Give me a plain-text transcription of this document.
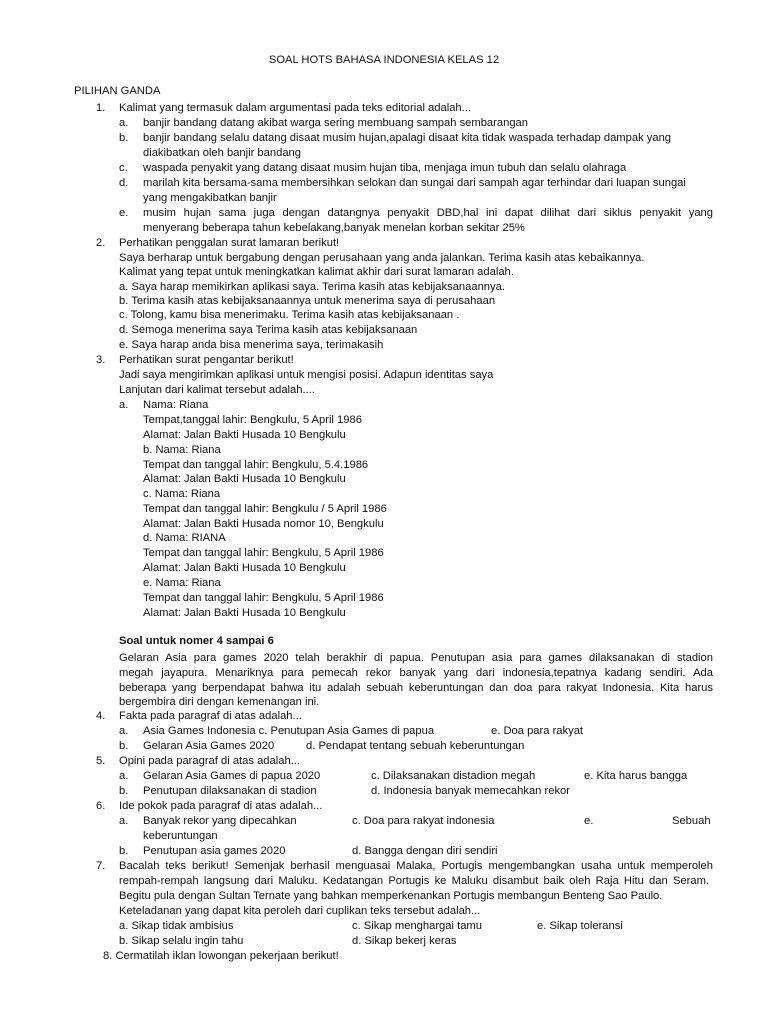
SOAL HOTS BAHASA INDONESIA KELAS 12
PILIHAN GANDA
1. Kalimat yang termasuk dalam argumentasi pada teks editorial adalah...
a. banjir bandang datang akibat warga sering membuang sampah sembarangan
b. banjir bandang selalu datang disaat musim hujan,apalagi disaat kita tidak waspada terhadap dampak yang
diakibatkan oleh banjir bandang
c. waspada penyakit yang datang disaat musim hujan tiba, menjaga imun tubuh dan selalu olahraga
d. marilah kita bersama-sama membersihkan selokan dan sungai dari sampah agar terhindar dari luapan sungai
yang mengakibatkan banjir
e. musim hujan sama juga dengan datangnya penyakit DBD,hal ini dapat dilihat dari siklus penyakit yang
menyerang beberapa tahun kebelakang,banyak menelan korban sekitar 25%
2. Perhatikan penggalan surat lamaran berikut!
Saya berharap untuk bergabung dengan perusahaan yang anda jalankan. Terima kasih atas kebaikannya.
Kalimat yang tepat untuk meningkatkan kalimat akhir dari surat lamaran adalah.
a. Saya harap memikirkan aplikasi saya. Terima kasih atas kebijaksanaannya.
b. Terima kasih atas kebijaksanaannya untuk menerima saya di perusahaan
c. Tolong, kamu bisa menerimaku. Terima kasih atas kebijaksanaan .
d. Semoga menerima saya Terima kasih atas kebijaksanaan
e. Saya harap anda bisa menerima saya, terimakasih
3. Perhatikan surat pengantar berikut!
Jadi saya mengirimkan aplikasi untuk mengisi posisi. Adapun identitas saya
Lanjutan dari kalimat tersebut adalah....
a. Nama: Riana
Tempat,tanggal lahir: Bengkulu, 5 April 1986
Alamat: Jalan Bakti Husada 10 Bengkulu
b. Nama: Riana
Tempat dan tanggal lahir: Bengkulu, 5.4.1986
Alamat: Jalan Bakti Husada 10 Bengkulu
c. Nama: Riana
Tempat dan tanggal lahir: Bengkulu / 5 April 1986
Alamat: Jalan Bakti Husada nomor 10, Bengkulu
d. Nama: RIANA
Tempat dan tanggal lahir: Bengkulu, 5 April 1986
Alamat: Jalan Bakti Husada 10 Bengkulu
e. Nama: Riana
Tempat dan tanggal lahir: Bengkulu, 5 April 1986
Alamat: Jalan Bakti Husada 10 Bengkulu
Soal untuk nomer 4 sampai 6
Gelaran Asia para games 2020 telah berakhir di papua. Penutupan asia para games dilaksanakan di stadion
megah jayapura. Menariknya para pemecah rekor banyak yang dari indonesia,tepatnya kadang sendiri. Ada
beberapa yang berpendapat bahwa itu adalah sebuah keberuntungan dan doa para rakyat Indonesia. Kita harus
bergembira diri dengan kemenangan ini.
4. Fakta pada paragraf di atas adalah...
a. Asia Games Indonesia c. Penutupan Asia Games di papua	e. Doa para rakyat
b. Gelaran Asia Games 2020	d. Pendapat tentang sebuah keberuntungan
5. Opini pada paragraf di atas adalah...
a. Gelaran Asia Games di papua 2020	c. Dilaksanakan distadion megah	e. Kita harus bangga
b. Penutupan dilaksanakan di stadion	d. Indonesia banyak memecahkan rekor
6. Ide pokok pada paragraf di atas adalah...
a. Banyak rekor yang dipecahkan	c. Doa para rakyat indonesia	e.	Sebuah
keberuntungan
b. Penutupan asia games 2020	d. Bangga dengan diri sendiri
7. Bacalah teks berikut! Semenjak berhasil menguasai Malaka, Portugis mengembangkan usaha untuk memperoleh
rempah-rempah langsung dari Maluku. Kedatangan Portugis ke Maluku disambut baik oleh Raja Hitu dan Seram.
Begitu pula dengan Sultan Ternate yang bahkan memperkenankan Portugis membangun Benteng Sao Paulo.
Keteladanan yang dapat kita peroleh dari cuplikan teks tersebut adalah...
a. Sikap tidak ambisius	c. Sikap menghargai tamu	e. Sikap toleransi
b. Sikap selalu ingin tahu	d. Sikap bekerj keras
8. Cermatilah iklan lowongan pekerjaan berikut!
